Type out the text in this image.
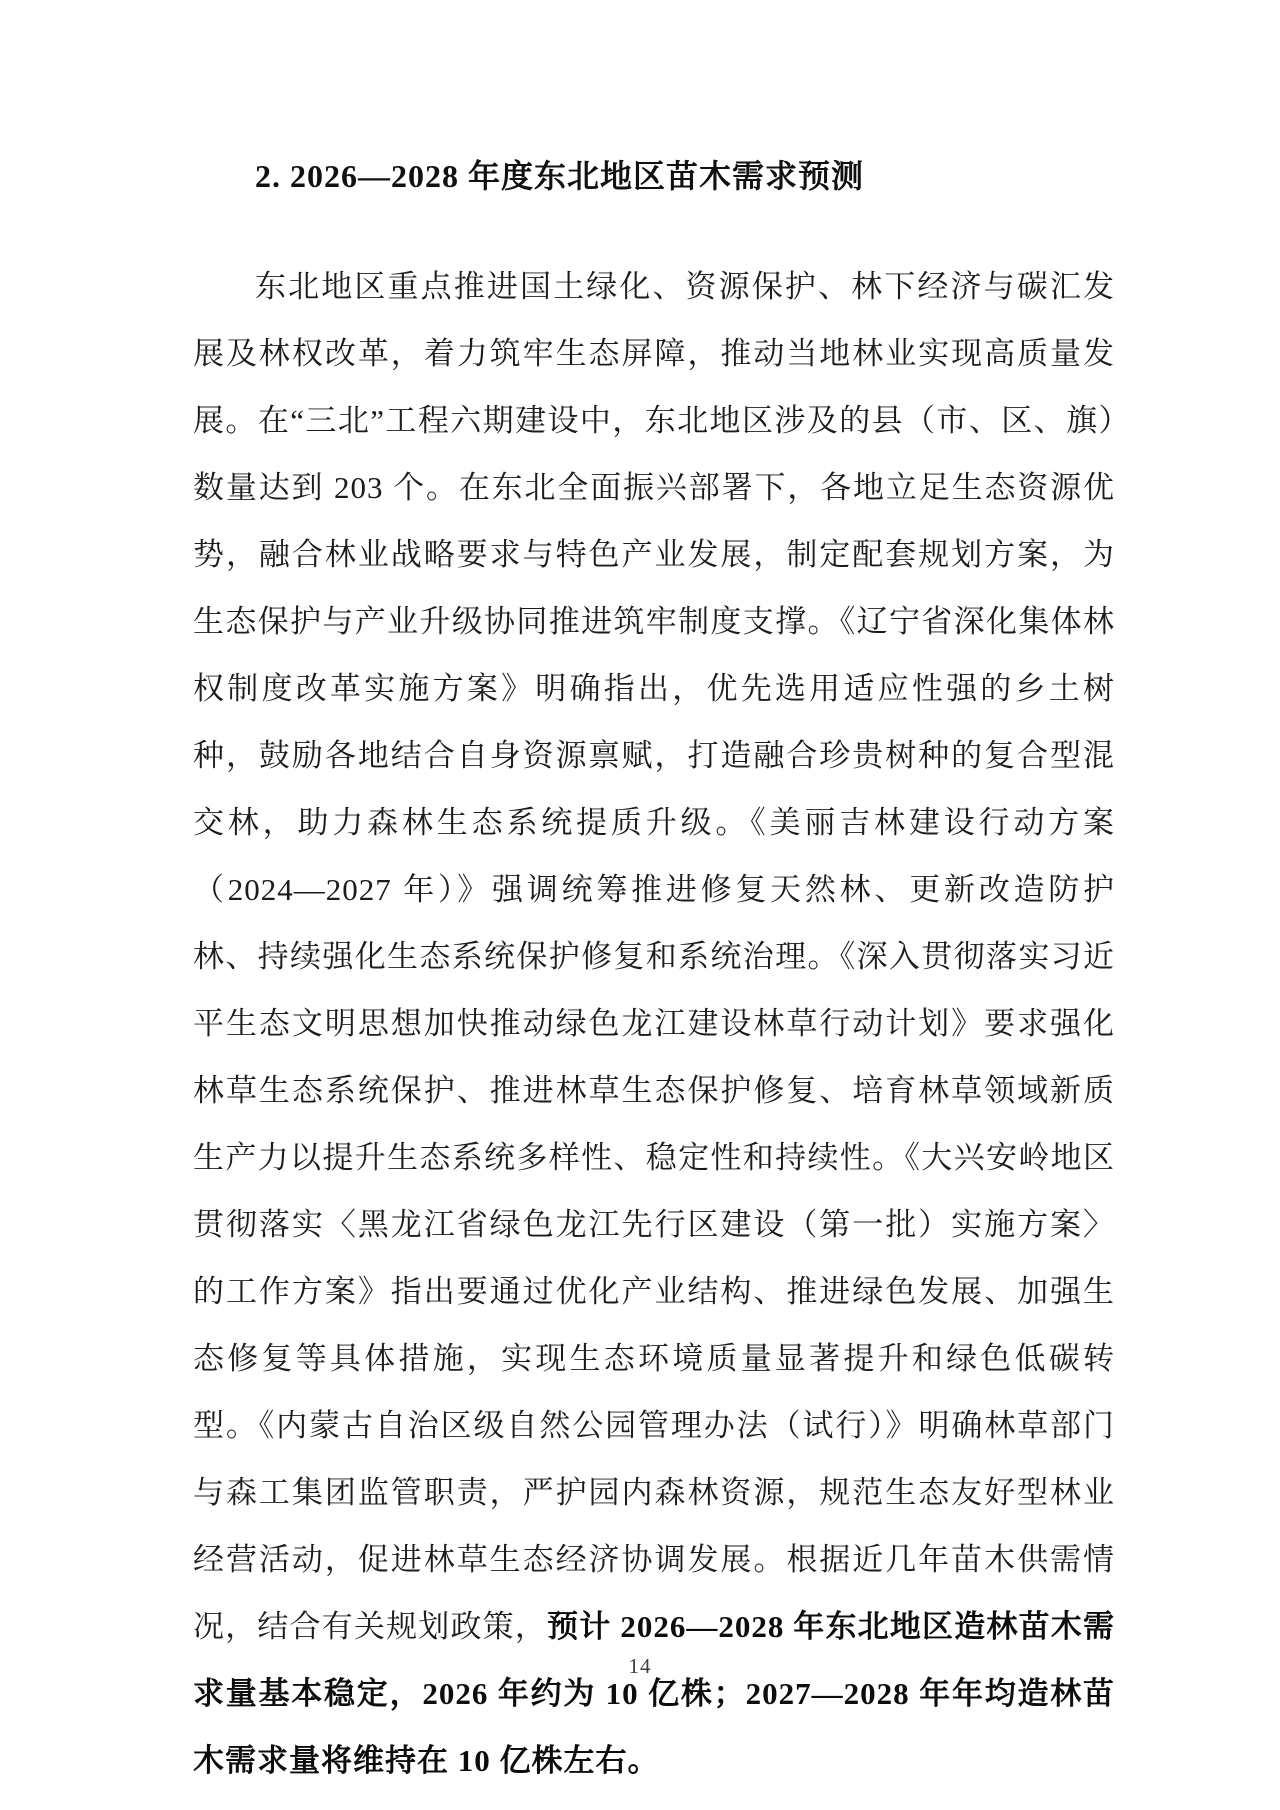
2. 2026—2028 年度东北地区苗木需求预测

东北地区重点推进国土绿化、资源保护、林下经济与碳汇发展及林权改革，着力筑牢生态屏障，推动当地林业实现高质量发展。在“三北”工程六期建设中，东北地区涉及的县（市、区、旗）数量达到 203 个。在东北全面振兴部署下，各地立足生态资源优势，融合林业战略要求与特色产业发展，制定配套规划方案，为生态保护与产业升级协同推进筑牢制度支撑。《辽宁省深化集体林权制度改革实施方案》明确指出，优先选用适应性强的乡土树种，鼓励各地结合自身资源禀赋，打造融合珍贵树种的复合型混交林，助力森林生态系统提质升级。《美丽吉林建设行动方案（2024—2027 年）》强调统筹推进修复天然林、更新改造防护林、持续强化生态系统保护修复和系统治理。《深入贯彻落实习近平生态文明思想加快推动绿色龙江建设林草行动计划》要求强化林草生态系统保护、推进林草生态保护修复、培育林草领域新质生产力以提升生态系统多样性、稳定性和持续性。《大兴安岭地区贯彻落实〈黑龙江省绿色龙江先行区建设（第一批）实施方案〉的工作方案》指出要通过优化产业结构、推进绿色发展、加强生态修复等具体措施，实现生态环境质量显著提升和绿色低碳转型。《内蒙古自治区级自然公园管理办法（试行）》明确林草部门与森工集团监管职责，严护园内森林资源，规范生态友好型林业经营活动，促进林草生态经济协调发展。根据近几年苗木供需情况，结合有关规划政策，预计 2026—2028 年东北地区造林苗木需求量基本稳定，2026 年约为 10 亿株；2027—2028 年年均造林苗木需求量将维持在 10 亿株左右。

14
